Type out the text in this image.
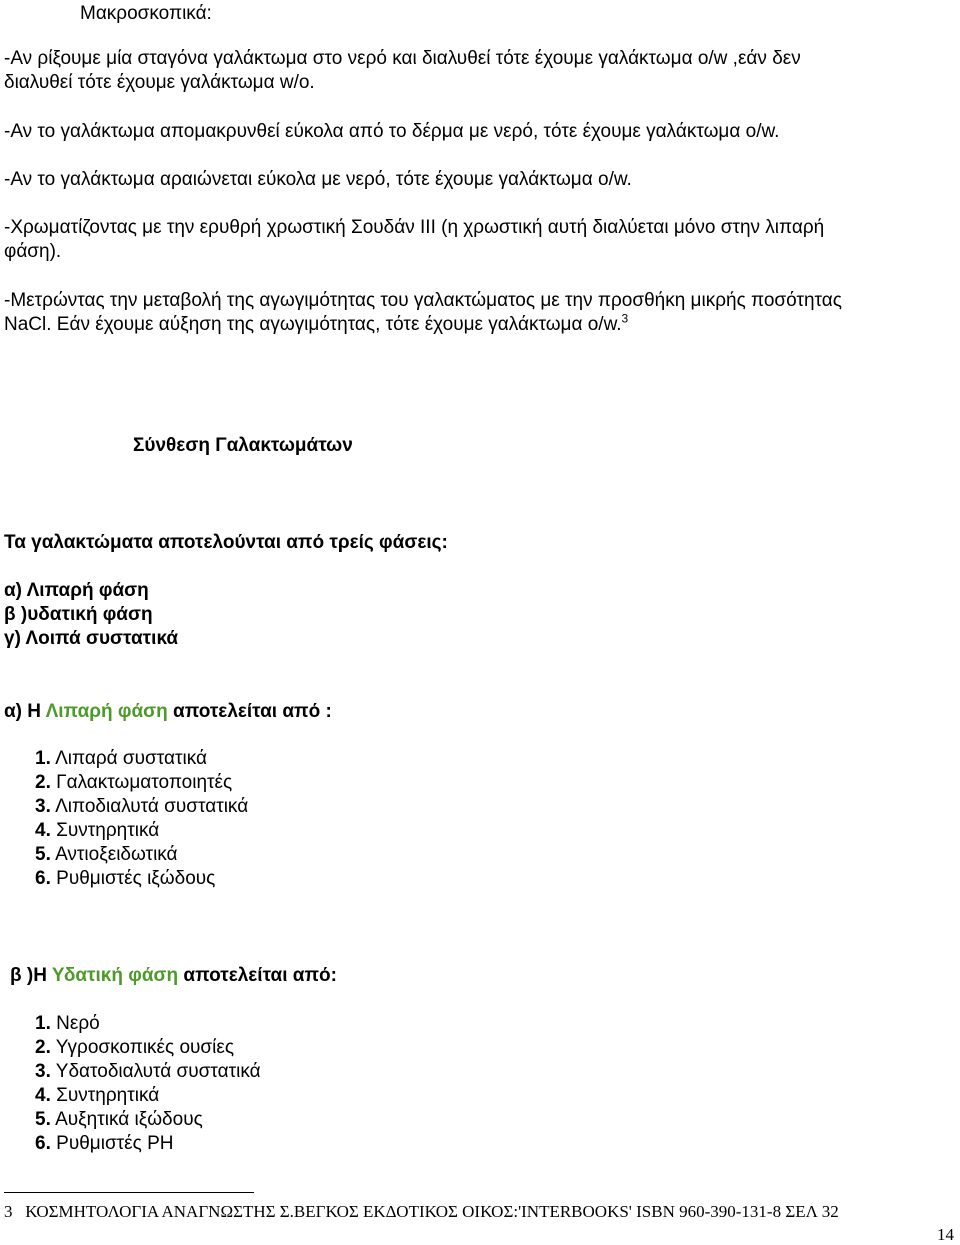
Μακροσκοπικά:
-Αν ρίξουμε μία σταγόνα γαλάκτωμα στο νερό και διαλυθεί τότε έχουμε γαλάκτωμα o/w ,εάν δεν
διαλυθεί τότε έχουμε γαλάκτωμα w/o.
-Αν το γαλάκτωμα απομακρυνθεί εύκολα από το δέρμα με νερό, τότε έχουμε γαλάκτωμα o/w.
-Αν το γαλάκτωμα αραιώνεται εύκολα με νερό, τότε έχουμε γαλάκτωμα o/w.
-Χρωματίζοντας με την ερυθρή χρωστική Σουδάν ΙΙΙ (η χρωστική αυτή διαλύεται μόνο στην λιπαρή
φάση).
-Μετρώντας την μεταβολή της αγωγιμότητας του γαλακτώματος με την προσθήκη μικρής ποσότητας
NaCl. Εάν έχουμε αύξηση της αγωγιμότητας, τότε έχουμε γαλάκτωμα o/w.$^3$
Σύνθεση Γαλακτωμάτων
Τα γαλακτώματα αποτελούνται από τρείς φάσεις:
α) Λιπαρή φάση
β )υδατική φάση
γ) Λοιπά συστατικά
α) Η Λιπαρή φάση αποτελείται από :
1. Λιπαρά συστατικά
2. Γαλακτωματοποιητές
3. Λιποδιαλυτά συστατικά
4. Συντηρητικά
5. Αντιοξειδωτικά
6. Ρυθμιστές ιξώδους
β )Η Υδατική φάση αποτελείται από:
1. Νερό
2. Υγροσκοπικές ουσίες
3. Υδατοδιαλυτά συστατικά
4. Συντηρητικά
5. Αυξητικά ιξώδους
6. Ρυθμιστές PH
3 ΚΟΣΜΗΤΟΛΟΓΙΑ ΑΝΑΓΝΩΣΤΗΣ Σ.ΒΕΓΚΟΣ ΕΚΔΟΤΙΚΟΣ ΟΙΚΟΣ:'INTERBOOKS' ISBN 960-390-131-8 ΣΕΛ 32
14
